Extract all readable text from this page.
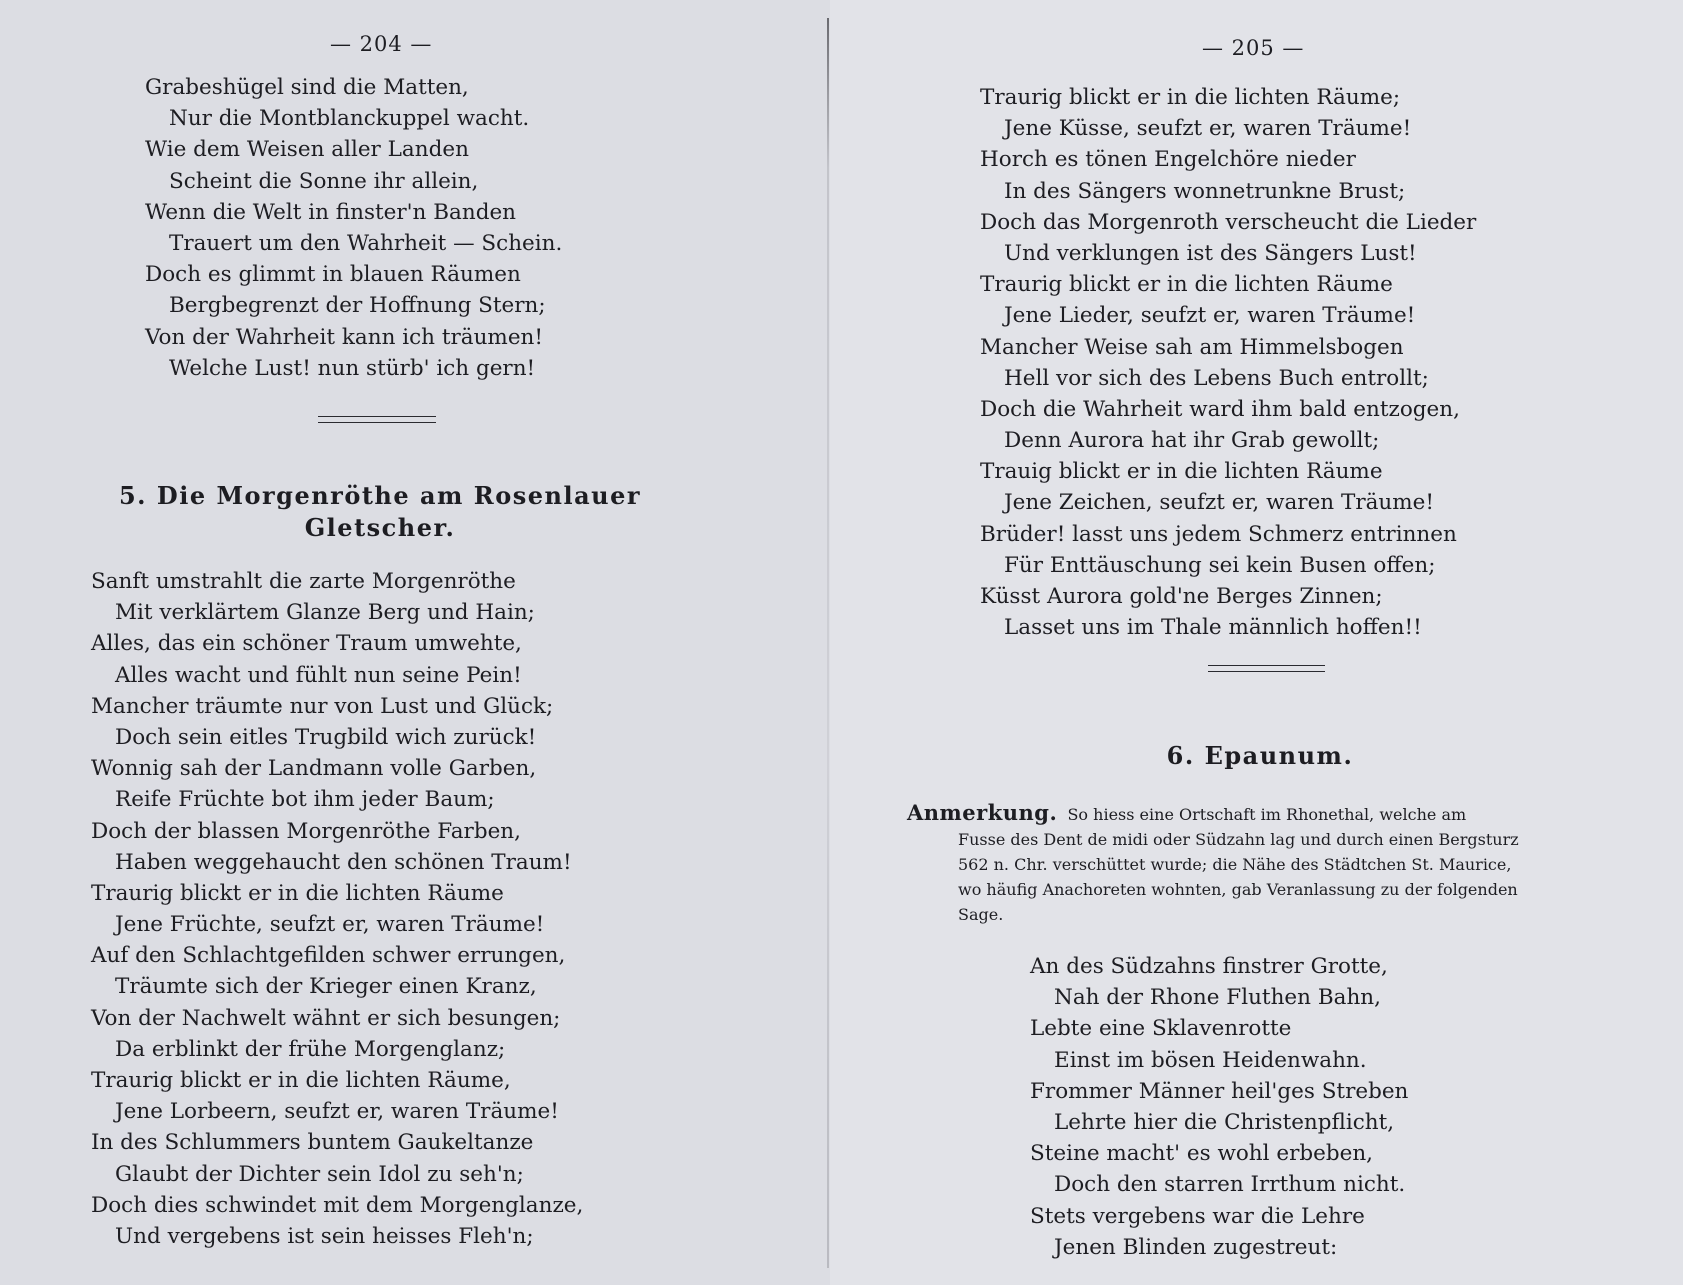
— 204 —
Grabeshügel sind die Matten,
Nur die Montblanckuppel wacht.
Wie dem Weisen aller Landen
Scheint die Sonne ihr allein,
Wenn die Welt in finster'n Banden
Trauert um den Wahrheit — Schein.
Doch es glimmt in blauen Räumen
Bergbegrenzt der Hoffnung Stern;
Von der Wahrheit kann ich träumen!
Welche Lust! nun stürb' ich gern!
5. Die Morgenröthe am Rosenlauer
Gletscher.
Sanft umstrahlt die zarte Morgenröthe
Mit verklärtem Glanze Berg und Hain;
Alles, das ein schöner Traum umwehte,
Alles wacht und fühlt nun seine Pein!
Mancher träumte nur von Lust und Glück;
Doch sein eitles Trugbild wich zurück!
Wonnig sah der Landmann volle Garben,
Reife Früchte bot ihm jeder Baum;
Doch der blassen Morgenröthe Farben,
Haben weggehaucht den schönen Traum!
Traurig blickt er in die lichten Räume
Jene Früchte, seufzt er, waren Träume!
Auf den Schlachtgefilden schwer errungen,
Träumte sich der Krieger einen Kranz,
Von der Nachwelt wähnt er sich besungen;
Da erblinkt der frühe Morgenglanz;
Traurig blickt er in die lichten Räume,
Jene Lorbeern, seufzt er, waren Träume!
In des Schlummers buntem Gaukeltanze
Glaubt der Dichter sein Idol zu seh'n;
Doch dies schwindet mit dem Morgenglanze,
Und vergebens ist sein heisses Fleh'n;
— 205 —
Traurig blickt er in die lichten Räume;
Jene Küsse, seufzt er, waren Träume!
Horch es tönen Engelchöre nieder
In des Sängers wonnetrunkne Brust;
Doch das Morgenroth verscheucht die Lieder
Und verklungen ist des Sängers Lust!
Traurig blickt er in die lichten Räume
Jene Lieder, seufzt er, waren Träume!
Mancher Weise sah am Himmelsbogen
Hell vor sich des Lebens Buch entrollt;
Doch die Wahrheit ward ihm bald entzogen,
Denn Aurora hat ihr Grab gewollt;
Trauig blickt er in die lichten Räume
Jene Zeichen, seufzt er, waren Träume!
Brüder! lasst uns jedem Schmerz entrinnen
Für Enttäuschung sei kein Busen offen;
Küsst Aurora gold'ne Berges Zinnen;
Lasset uns im Thale männlich hoffen!!
6. Epaunum.
Anmerkung. So hiess eine Ortschaft im Rhonethal, welche am
Fusse des Dent de midi oder Südzahn lag und durch einen Bergsturz
562 n. Chr. verschüttet wurde; die Nähe des Städtchen St. Maurice,
wo häufig Anachoreten wohnten, gab Veranlassung zu der folgenden
Sage.
An des Südzahns finstrer Grotte,
Nah der Rhone Fluthen Bahn,
Lebte eine Sklavenrotte
Einst im bösen Heidenwahn.
Frommer Männer heil'ges Streben
Lehrte hier die Christenpflicht,
Steine macht' es wohl erbeben,
Doch den starren Irrthum nicht.
Stets vergebens war die Lehre
Jenen Blinden zugestreut:
